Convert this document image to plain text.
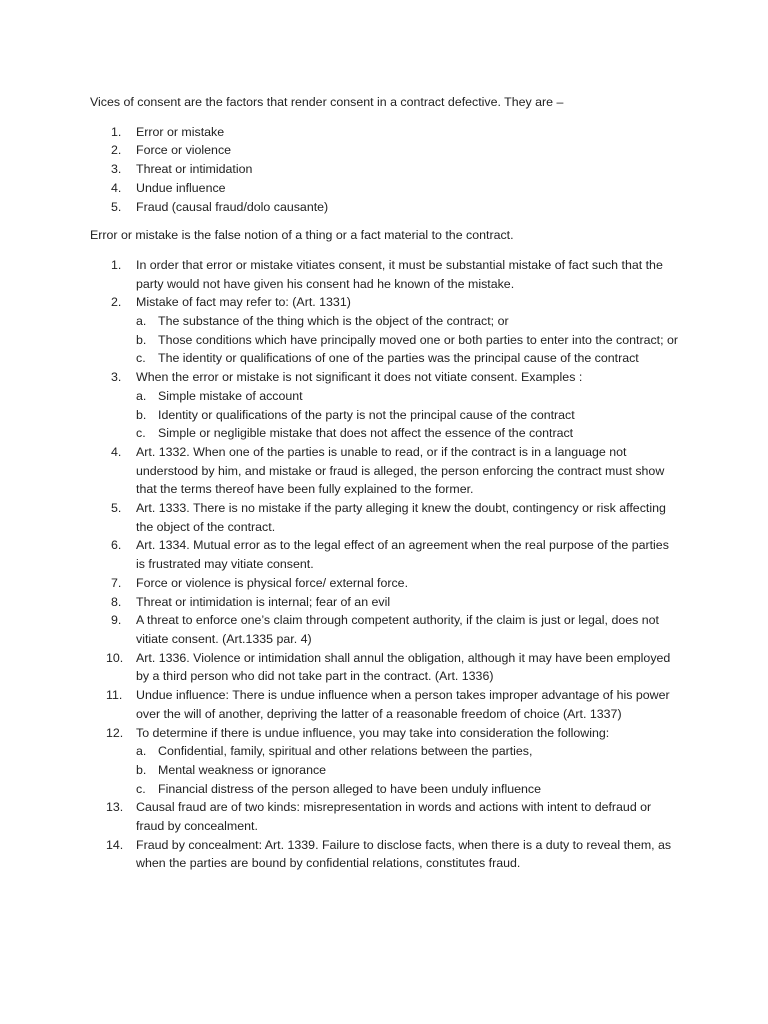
Vices of consent are the factors that render consent in a contract defective. They are –

1.	Error or mistake
2.	Force or violence
3.	Threat or intimidation
4.	Undue influence
5.	Fraud (causal fraud/dolo causante)

Error or mistake is the false notion of a thing or a fact material to the contract.

1.	In order that error or mistake vitiates consent, it must be substantial mistake of fact such that the party would not have given his consent had he known of the mistake.
2.	Mistake of fact may refer to: (Art. 1331)
a. The substance of the thing which is the object of the contract; or
b. Those conditions which have principally moved one or both parties to enter into the contract; or
c. The identity or qualifications of one of the parties was the principal cause of the contract
3.	When the error or mistake is not significant it does not vitiate consent. Examples :
a. Simple mistake of account
b. Identity or qualifications of the party is not the principal cause of the contract
c. Simple or negligible mistake that does not affect the essence of the contract
4.	Art. 1332. When one of the parties is unable to read, or if the contract is in a language not understood by him, and mistake or fraud is alleged, the person enforcing the contract must show that the terms thereof have been fully explained to the former.
5.	Art. 1333. There is no mistake if the party alleging it knew the doubt, contingency or risk affecting the object of the contract.
6.	Art. 1334. Mutual error as to the legal effect of an agreement when the real purpose of the parties is frustrated may vitiate consent.
7.	Force or violence is physical force/ external force.
8.	Threat or intimidation is internal; fear of an evil
9.	A threat to enforce one’s claim through competent authority, if the claim is just or legal, does not vitiate consent. (Art.1335 par. 4)
10. Art. 1336. Violence or intimidation shall annul the obligation, although it may have been employed by a third person who did not take part in the contract. (Art. 1336)
11. Undue influence: There is undue influence when a person takes improper advantage of his power over the will of another, depriving the latter of a reasonable freedom of choice (Art. 1337)
12. To determine if there is undue influence, you may take into consideration the following:
a. Confidential, family, spiritual and other relations between the parties,
b. Mental weakness or ignorance
c. Financial distress of the person alleged to have been unduly influence
13. Causal fraud are of two kinds: misrepresentation in words and actions with intent to defraud or fraud by concealment.
14. Fraud by concealment: Art. 1339. Failure to disclose facts, when there is a duty to reveal them, as when the parties are bound by confidential relations, constitutes fraud.
